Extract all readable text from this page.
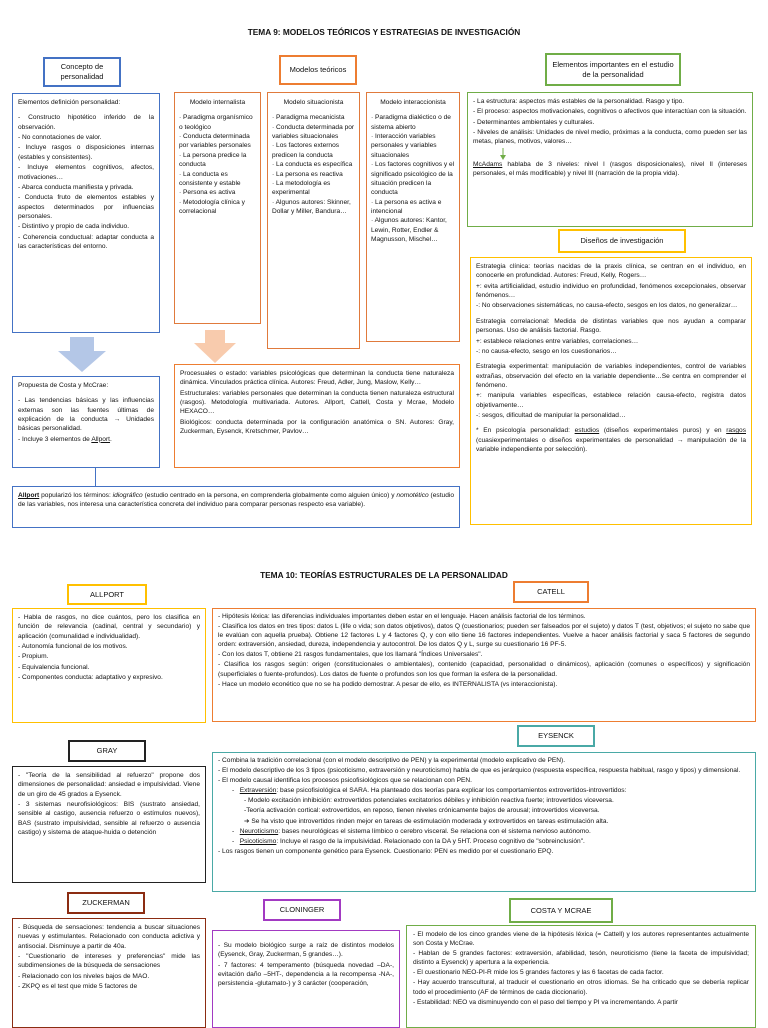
TEMA 9: MODELOS TEÓRICOS Y ESTRATEGIAS DE INVESTIGACIÓN
Concepto de personalidad
Modelos teóricos
Elementos importantes en el estudio de la personalidad

Elementos definición personalidad:

- Constructo hipotético inferido de la observación.

- No connotaciones de valor.

- Incluye rasgos o disposiciones internas (estables y consistentes).

- Incluye elementos cognitivos, afectos, motivaciones…

- Abarca conducta manifiesta y privada.

- Conducta fruto de elementos estables y aspectos determinados por influencias personales.

- Distintivo y propio de cada individuo.

- Coherencia conductual: adaptar conducta a las características del entorno.

Modelo internalista

· Paradigma organísmico o teológico

· Conducta determinada por variables personales

· La persona predice la conducta

· La conducta es consistente y estable

· Persona es activa

· Metodología clínica y correlacional

Modelo situacionista

· Paradigma mecanicista

· Conducta determinada por variables situacionales

· Los factores externos predicen la conducta

· La conducta es específica

· La persona es reactiva

· La metodología es experimental

· Algunos autores: Skinner, Dollar y Miller, Bandura…

Modelo interaccionista

· Paradigma dialéctico o de sistema abierto

· Interacción variables personales y variables situacionales

· Los factores cognitivos y el significado psicológico de la situación predicen la conducta

· La persona es activa e intencional

· Algunos autores: Kantor, Lewin, Rotter, Endler & Magnusson, Mischel…

- La estructura: aspectos más estables de la personalidad. Rasgo y tipo.

- El proceso: aspectos motivacionales, cognitivos o afectivos que interactúan con la situación.

- Determinantes ambientales y culturales.

- Niveles de análisis: Unidades de nivel medio, próximas a la conducta, como pueden ser las metas, planes, motivos, valores…

McAdams hablaba de 3 niveles: nivel I (rasgos disposicionales), nivel II (intereses personales, el más modificable) y nivel III (narración de la propia vida).

Diseños de investigación

Estrategia clínica: teorías nacidas de la praxis clínica, se centran en el individuo, en conocerle en profundidad. Autores: Freud, Kelly, Rogers…

+: evita artificialidad, estudio individuo en profundidad, fenómenos excepcionales, observar fenómenos…

-: No observaciones sistemáticas, no causa-efecto, sesgos en los datos, no generalizar…

Estrategia correlacional: Medida de distintas variables que nos ayudan a comparar personas. Uso de análisis factorial. Rasgo.

+: establece relaciones entre variables, correlaciones…

-: no causa-efecto, sesgo en los cuestionarios…

Estrategia experimental: manipulación de variables independientes, control de variables extrañas, observación del efecto en la variable dependiente…Se centra en comprender el fenómeno.

+: manipula variables específicas, establece relación causa-efecto, registra datos objetivamente…

-: sesgos, dificultad de manipular la personalidad…

* En psicología personalidad: estudios (diseños experimentales puros) y en rasgos (cuasiexperimentales o diseños experimentales de personalidad → manipulación de la variable independiente por selección).

Propuesta de Costa y McCrae:

- Las tendencias básicas y las influencias externas son las fuentes últimas de explicación de la conducta → Unidades básicas personalidad.

- Incluye 3 elementos de Allport.

Procesuales o estado: variables psicológicas que determinan la conducta tiene naturaleza dinámica. Vinculados práctica clínica. Autores: Freud, Adler, Jung, Maslow, Kelly…

Estructurales: variables personales que determinan la conducta tienen naturaleza estructural (rasgos). Metodología multivariada. Autores. Allport, Cattell, Costa y Mcrae, Modelo HEXACO…

Biológicos: conducta determinada por la configuración anatómica o SN. Autores: Gray, Zuckerman, Eysenck, Kretschmer, Pavlov…

Allport popularizó los términos: idiográfico (estudio centrado en la persona, en comprenderla globalmente como alguien único) y nomotético (estudio de las variables, nos interesa una característica concreta del individuo para comparar personas respecto esa variable).

TEMA 10: TEORÍAS ESTRUCTURALES DE LA PERSONALIDAD
ALLPORT	CATELL

- Habla de rasgos, no dice cuántos, pero los clasifica en función de relevancia (cadinal, central y secundario) y aplicación (comunalidad e individualidad).

- Autonomía funcional de los motivos.

- Propium.

- Equivalencia funcional.

- Componentes conducta: adaptativo y expresivo.

- Hipótesis léxica: las diferencias individuales importantes deben estar en el lenguaje. Hacen análisis factorial de los términos.

- Clasifica los datos en tres tipos: datos L (life o vida; son datos objetivos), datos Q (cuestionarios; pueden ser falseados por el sujeto) y datos T (test, objetivos; el sujeto no sabe que le evalúan con aquella prueba). Obtiene 12 factores L y 4 factores Q, y con ello tiene 16 factores independientes. Vuelve a hacer análisis factorial y saca 5 factores de segundo orden: extraversión, ansiedad, dureza, independencia y autocontrol. De los datos Q y L, surge su cuestionario 16 PF-5.

- Con los datos T, obtiene 21 rasgos fundamentales, que los llamará "Índices Universales".

- Clasifica los rasgos según: origen (constitucionales o ambientales), contenido (capacidad, personalidad o dinámicos), aplicación (comunes o específicos) y significación (superficiales o fuente-profundos). Los datos de fuente o profundos son los que forman la esfera de la personalidad.

- Hace un modelo econético que no se ha podido demostrar. A pesar de ello, es INTERNALISTA (vs interaccionista).

GRAY
EYSENCK

- "Teoría de la sensibilidad al refuerzo" propone dos dimensiones de personalidad: ansiedad e impulsividad. Viene de un giro de 45 grados a Eysenck.

- 3 sistemas neurofisiológicos: BIS (sustrato ansiedad, sensible al castigo, ausencia refuerzo o estímulos nuevos), BAS (sustrato impulsividad, sensible al refuerzo o ausencia castigo) y sistema de ataque-huida o detención

- Combina la tradición correlacional (con el modelo descriptivo de PEN) y la experimental (modelo explicativo de PEN).

- El modelo descriptivo de los 3 tipos (psicoticismo, extraversión y neuroticismo) habla de que es jerárquico (respuesta específica, respuesta habitual, rasgo y tipos) y dimensional.

- El modelo causal identifica los procesos psicofisiológicos que se relacionan con PEN.

-   Extraversión: base psicofisiológica el SARA. Ha planteado dos teorías para explicar los comportamientos extrovertidos-introvertidos:

- Modelo excitación inhibición: extrovertidos potenciales excitatorios débiles y inhibición reactiva fuerte; introvertidos viceversa.

-Teoría activación cortical: extrovertidos, en reposo, tienen niveles crónicamente bajos de arousal; introvertidos viceversa.

➔ Se ha visto que introvertidos rinden mejor en tareas de estimulación moderada y extrovertidos en tareas estimulación alta.

-   Neuroticismo: bases neurológicas el sistema límbico o cerebro visceral. Se relaciona con el sistema nervioso autónomo.

-   Psicoticismo: Incluye el rasgo de la impulsividad. Relacionado con la DA y 5HT. Proceso cognitivo de "sobreinclusión".

- Los rasgos tienen un componente genético para Eysenck. Cuestionario: PEN es medido por el cuestionario EPQ.

ZUCKERMAN
CLONINGER	COSTA Y MCRAE

- Búsqueda de sensaciones: tendencia a buscar situaciones nuevas y estimulantes. Relacionado con conducta adictiva y antisocial. Disminuye a partir de 40a.

- "Cuestionario de intereses y preferencias" mide las subdimensiones de la búsqueda de sensaciones

- Relacionado con los niveles bajos de MAO.

- ZKPQ es el test que mide 5 factores de

- Su modelo biológico surge a raíz de distintos modelos (Eysenck, Gray, Zuckerman, 5 grandes…).

- 7 factores: 4 temperamento (búsqueda novedad –DA-, evitación daño –5HT-, dependencia a la recompensa -NA-, persistencia -glutamato-) y 3 carácter (cooperación,

- El modelo de los cinco grandes viene de la hipótesis léxica (= Cattell) y los autores representantes actualmente son Costa y McCrae.

- Hablan de 5 grandes factores: extraversión, afabilidad, tesón, neuroticismo (tiene la faceta de impulsividad; distinto a Eysenck) y apertura a la experiencia.

- El cuestionario NEO-PI-R mide los 5 grandes factores y las 6 facetas de cada factor.

- Hay acuerdo transcultural, al traducir el cuestionario en otros idiomas. Se ha criticado que se debería replicar todo el procedimiento (AF de términos de cada diccionario).

- Estabilidad: NEO va disminuyendo con el paso del tiempo y PI va incrementando. A partir
